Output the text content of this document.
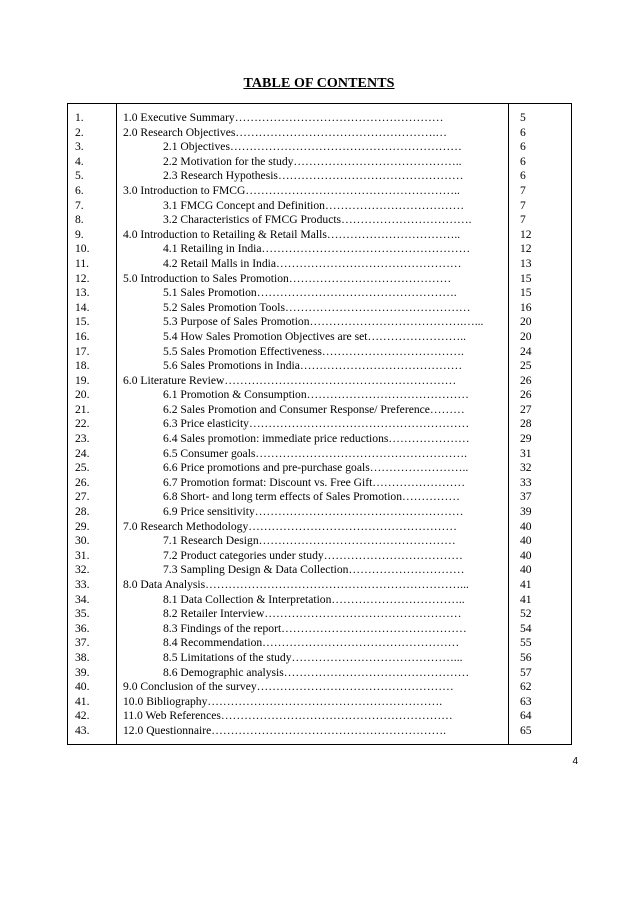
TABLE OF CONTENTS
1.	1.0 Executive Summary………………………………………………	5
2.	2.0 Research Objectives…………………………………………….…	6
3.	2.1 Objectives……………………………………………………	6
4.	2.2 Motivation for the study……………………………………..	6
5.	2.3 Research Hypothesis…………………………………………	6
6.	3.0 Introduction to FMCG………………………………………………..	7
7.	3.1 FMCG Concept and Definition………………………………	7
8.	3.2 Characteristics of FMCG Products…………………………….	7
9.	4.0 Introduction to Retailing & Retail Malls……………………………..	12
10.	4.1 Retailing in India………………………………………………	12
11.	4.2 Retail Malls in India…………………………………………	13
12.	5.0 Introduction to Sales Promotion……………………………………	15
13.	5.1 Sales Promotion…………………………………………….	15
14.	5.2 Sales Promotion Tools…………………………………………	16
15.	5.3 Purpose of Sales Promotion………………………………….…...	20
16.	5.4 How Sales Promotion Objectives are set……………………..	20
17.	5.5 Sales Promotion Effectiveness……………………………….	24
18.	5.6 Sales Promotions in India……………………………………	25
19.	6.0 Literature Review……………………………………………………	26
20.	6.1 Promotion & Consumption……………………………………	26
21.	6.2 Sales Promotion and Consumer Response/ Preference………	27
22.	6.3 Price elasticity…………………………………………………	28
23.	6.4 Sales promotion: immediate price reductions…………………	29
24.	6.5 Consumer goals……………………………………………….	31
25.	6.6 Price promotions and pre-purchase goals……………………..	32
26.	6.7 Promotion format: Discount vs. Free Gift……………………	33
27.	6.8 Short- and long term effects of Sales Promotion……………	37
28.	6.9 Price sensitivity………………………………………………	39
29.	7.0 Research Methodology………………………………………………	40
30.	7.1 Research Design……………………………………………	40
31.	7.2 Product categories under study………………………………	40
32.	7.3 Sampling Design & Data Collection…………………………	40
33.	8.0 Data Analysis…………………………………………………………...	41
34.	8.1 Data Collection & Interpretation……………………………..	41
35.	8.2 Retailer Interview……………………………………………	52
36.	8.3 Findings of the report…………………………………………	54
37.	8.4 Recommendation……………………………………………	55
38.	8.5 Limitations of the study……………………………………...	56
39.	8.6 Demographic analysis…………………………………………	57
40.	9.0 Conclusion of the survey……………………………………………	62
41.	10.0 Bibliography…………………………………………………….	63
42.	11.0 Web References……………………………………………………	64
43.	12.0 Questionnaire…………………………………………………….	65
4
